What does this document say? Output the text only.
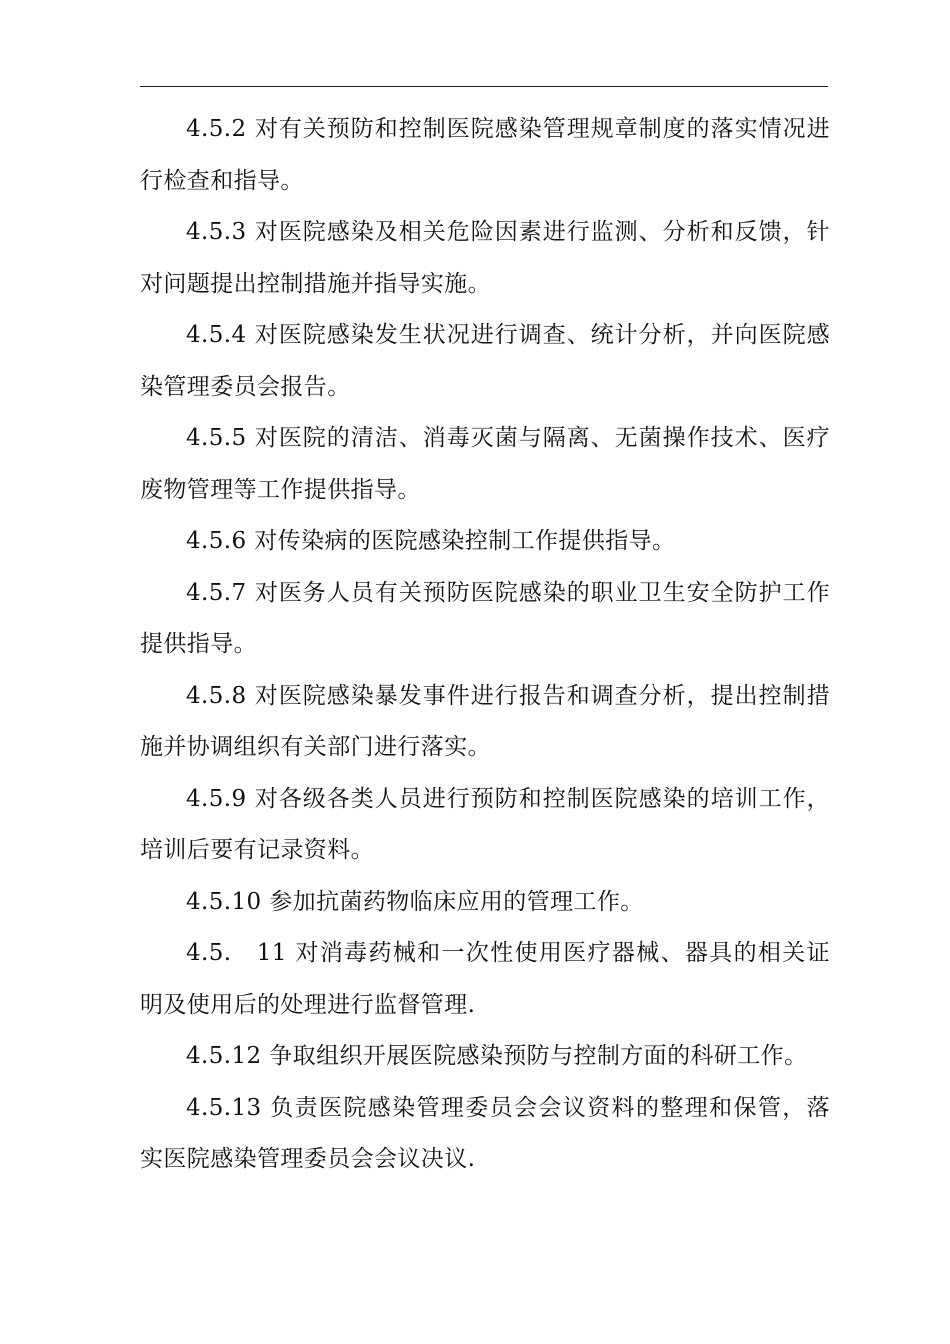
4.5.2 对有关预防和控制医院感染管理规章制度的落实情况进行检查和指导。

4.5.3 对医院感染及相关危险因素进行监测、分析和反馈，针对问题提出控制措施并指导实施。

4.5.4 对医院感染发生状况进行调查、统计分析，并向医院感染管理委员会报告。

4.5.5 对医院的清洁、消毒灭菌与隔离、无菌操作技术、医疗废物管理等工作提供指导。

4.5.6 对传染病的医院感染控制工作提供指导。

4.5.7 对医务人员有关预防医院感染的职业卫生安全防护工作提供指导。

4.5.8 对医院感染暴发事件进行报告和调查分析，提出控制措施并协调组织有关部门进行落实。

4.5.9 对各级各类人员进行预防和控制医院感染的培训工作，培训后要有记录资料。

4.5.10 参加抗菌药物临床应用的管理工作。

4.5.　11 对消毒药械和一次性使用医疗器械、器具的相关证明及使用后的处理进行监督管理.

4.5.12 争取组织开展医院感染预防与控制方面的科研工作。

4.5.13 负责医院感染管理委员会会议资料的整理和保管，落实医院感染管理委员会会议决议.
